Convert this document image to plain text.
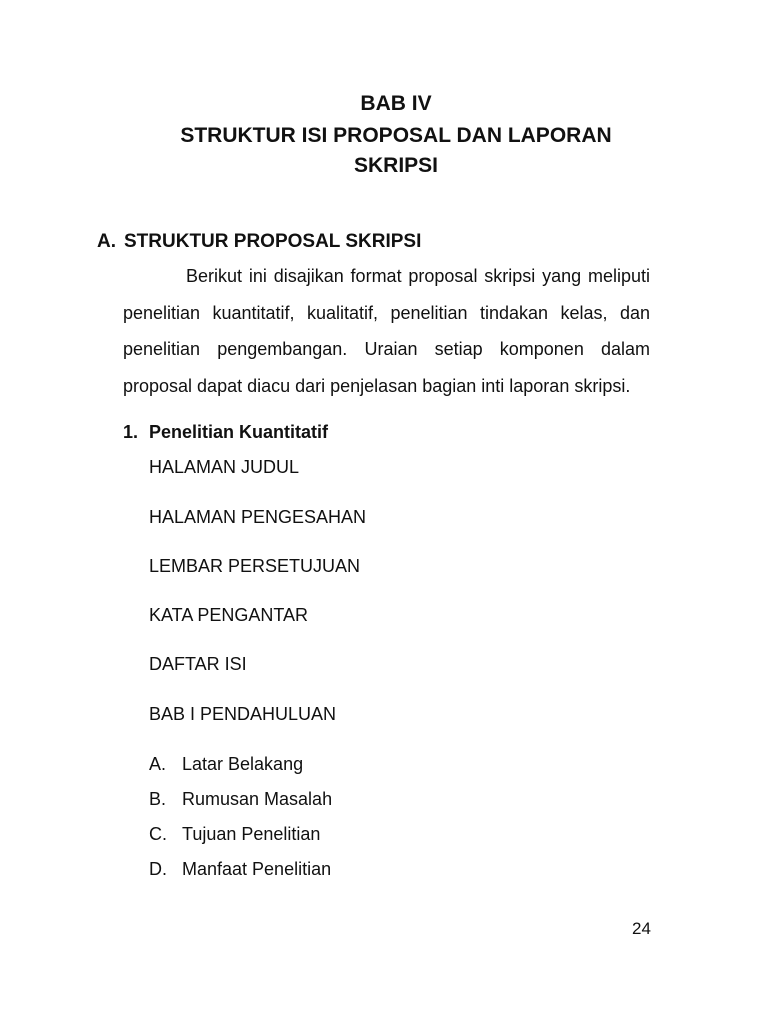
BAB IV
STRUKTUR ISI PROPOSAL DAN LAPORAN
SKRIPSI
A. STRUKTUR PROPOSAL SKRIPSI

Berikut ini disajikan format proposal skripsi yang meliputi penelitian kuantitatif, kualitatif, penelitian tindakan kelas, dan penelitian pengembangan. Uraian setiap komponen dalam proposal dapat diacu dari penjelasan bagian inti laporan skripsi.

1. Penelitian Kuantitatif
HALAMAN JUDUL
HALAMAN PENGESAHAN
LEMBAR PERSETUJUAN
KATA PENGANTAR
DAFTAR ISI
BAB I PENDAHULUAN
A. Latar Belakang
B. Rumusan Masalah
C. Tujuan Penelitian
D. Manfaat Penelitian
24
